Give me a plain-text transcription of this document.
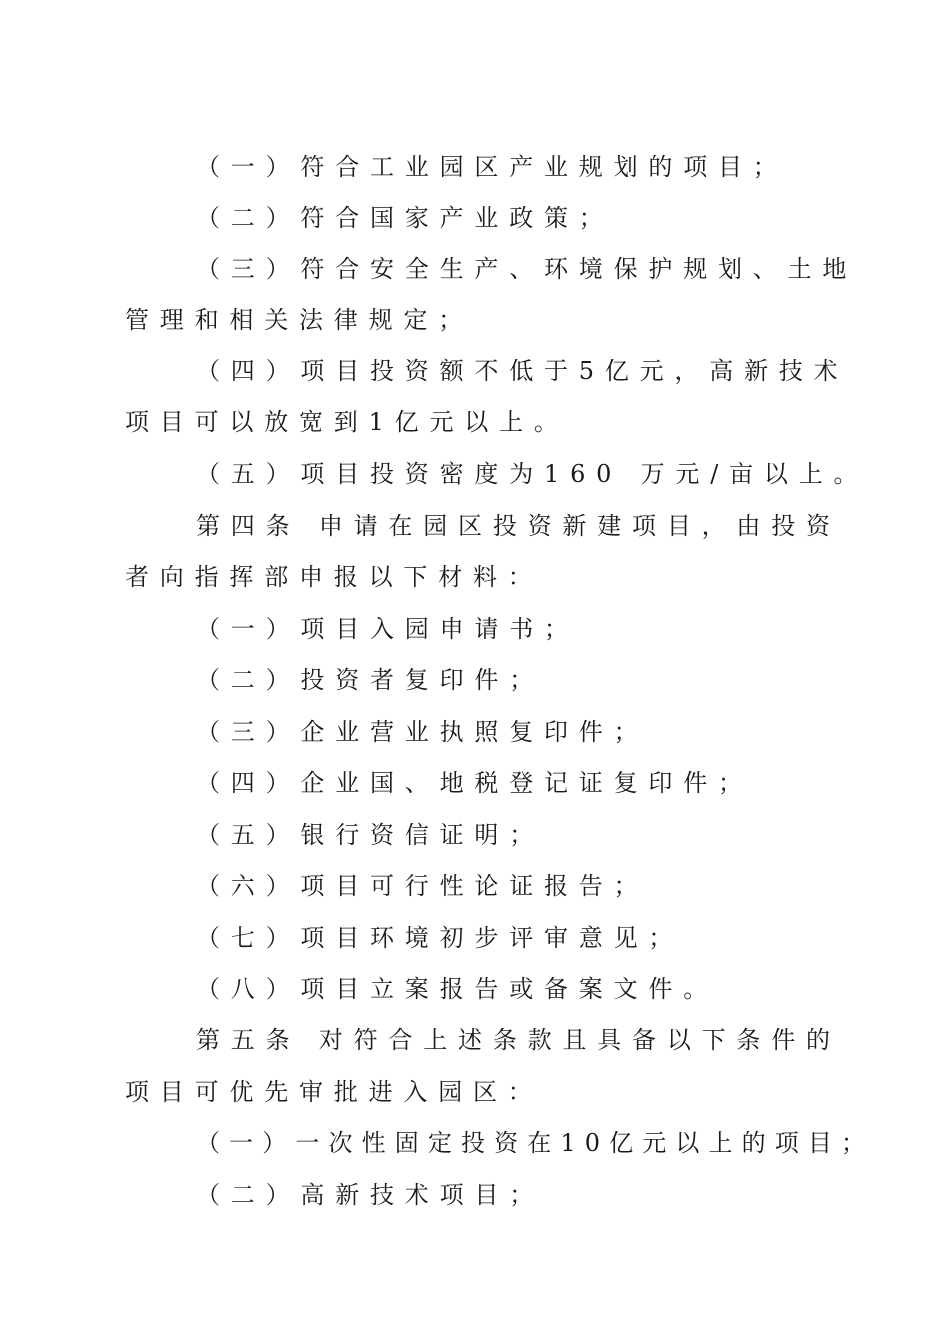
（一）符合工业园区产业规划的项目；
（二）符合国家产业政策；
（三）符合安全生产、环境保护规划、土地
管理和相关法律规定；
（四）项目投资额不低于5亿元，高新技术
项目可以放宽到1亿元以上。
（五）项目投资密度为160 万元/亩以上。
第四条 申请在园区投资新建项目，由投资
者向指挥部申报以下材料：
（一）项目入园申请书；
（二）投资者复印件；
（三）企业营业执照复印件；
（四）企业国、地税登记证复印件；
（五）银行资信证明；
（六）项目可行性论证报告；
（七）项目环境初步评审意见；
（八）项目立案报告或备案文件。
第五条 对符合上述条款且具备以下条件的
项目可优先审批进入园区：
（一）一次性固定投资在10亿元以上的项目；
（二）高新技术项目；
